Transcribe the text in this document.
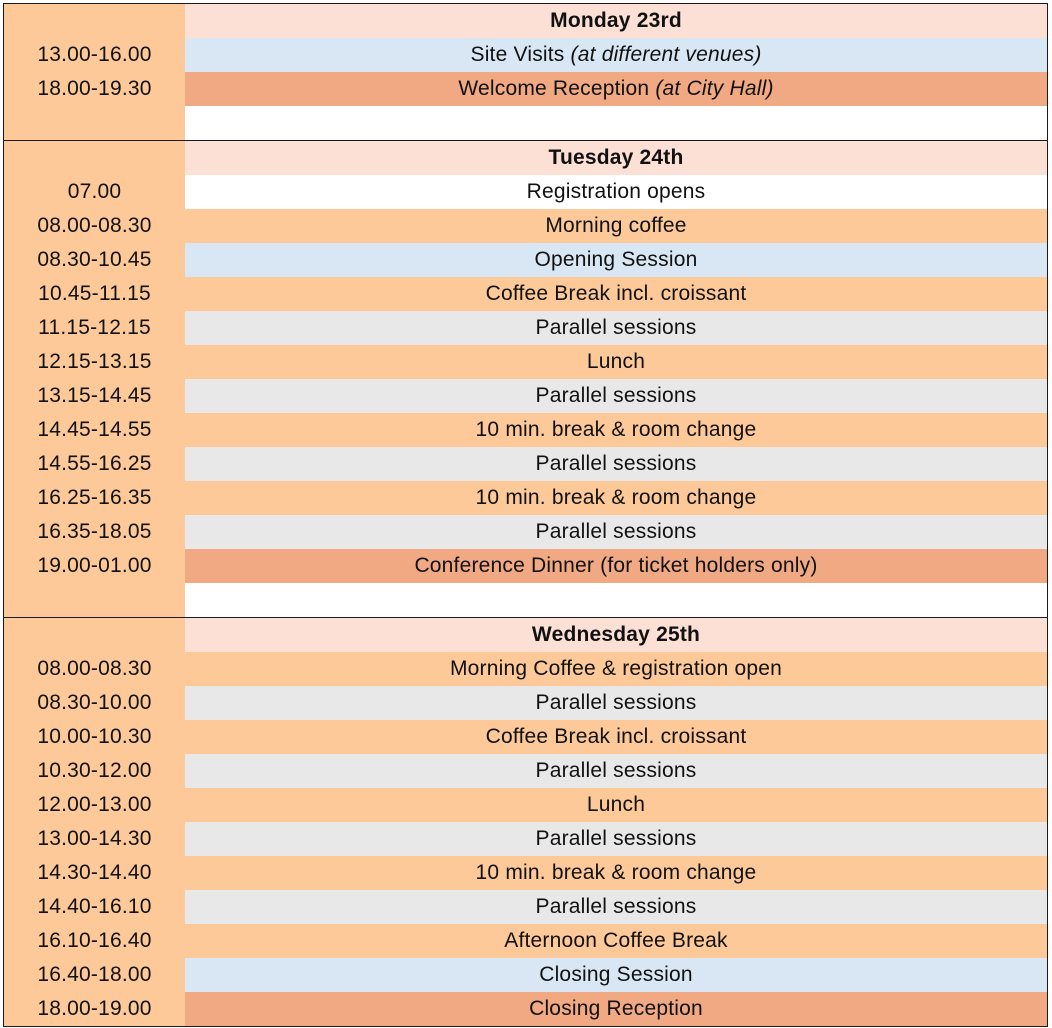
Monday 23rd
13.00-16.00	Site Visits (at different venues)
18.00-19.30	Welcome Reception (at City Hall)
Tuesday 24th
07.00	Registration opens
08.00-08.30	Morning coffee
08.30-10.45	Opening Session
10.45-11.15	Coffee Break incl. croissant
11.15-12.15	Parallel sessions
12.15-13.15	Lunch
13.15-14.45	Parallel sessions
14.45-14.55	10 min. break & room change
14.55-16.25	Parallel sessions
16.25-16.35	10 min. break & room change
16.35-18.05	Parallel sessions
19.00-01.00	Conference Dinner (for ticket holders only)
Wednesday 25th
08.00-08.30	Morning Coffee & registration open
08.30-10.00	Parallel sessions
10.00-10.30	Coffee Break incl. croissant
10.30-12.00	Parallel sessions
12.00-13.00	Lunch
13.00-14.30	Parallel sessions
14.30-14.40	10 min. break & room change
14.40-16.10	Parallel sessions
16.10-16.40	Afternoon Coffee Break
16.40-18.00	Closing Session
18.00-19.00	Closing Reception
